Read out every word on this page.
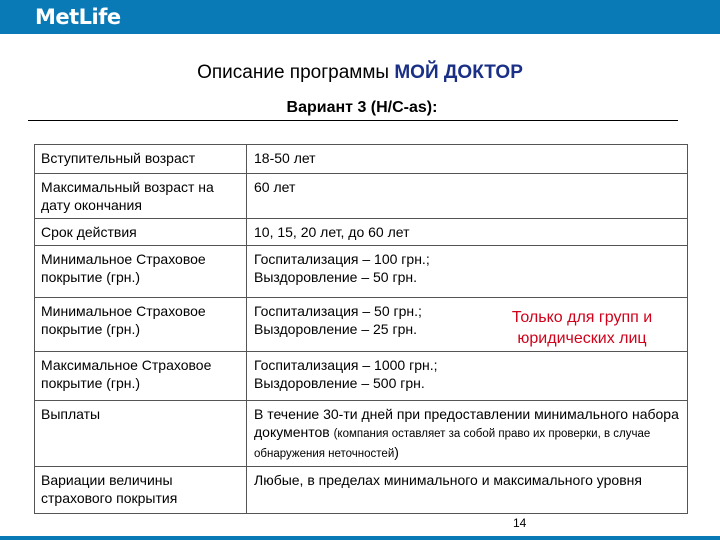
MetLife
Описание программы МОЙ ДОКТОР
Вариант 3 (H/C-as):
Вступительный возраст	18-50 лет
Максимальный возраст на дату окончания	60 лет
Срок действия	10, 15, 20 лет, до 60 лет
Минимальное Страховое покрытие (грн.)	Госпитализация – 100 грн.;
Выздоровление – 50 грн.

Минимальное Страховое покрытие (грн.)	Госпитализация – 50 грн.;
Выздоровление – 25 грн.

Максимальное Страховое покрытие (грн.)	Госпитализация – 1000 грн.;
Выздоровление – 500 грн.

Выплаты	В течение 30-ти дней при предоставлении минимального набора документов (компания оставляет за собой право их проверки, в случае обнаружения неточностей)
Вариации величины страхового покрытия	Любые, в пределах минимального и максимального уровня
Только для групп и юридических лиц
14
